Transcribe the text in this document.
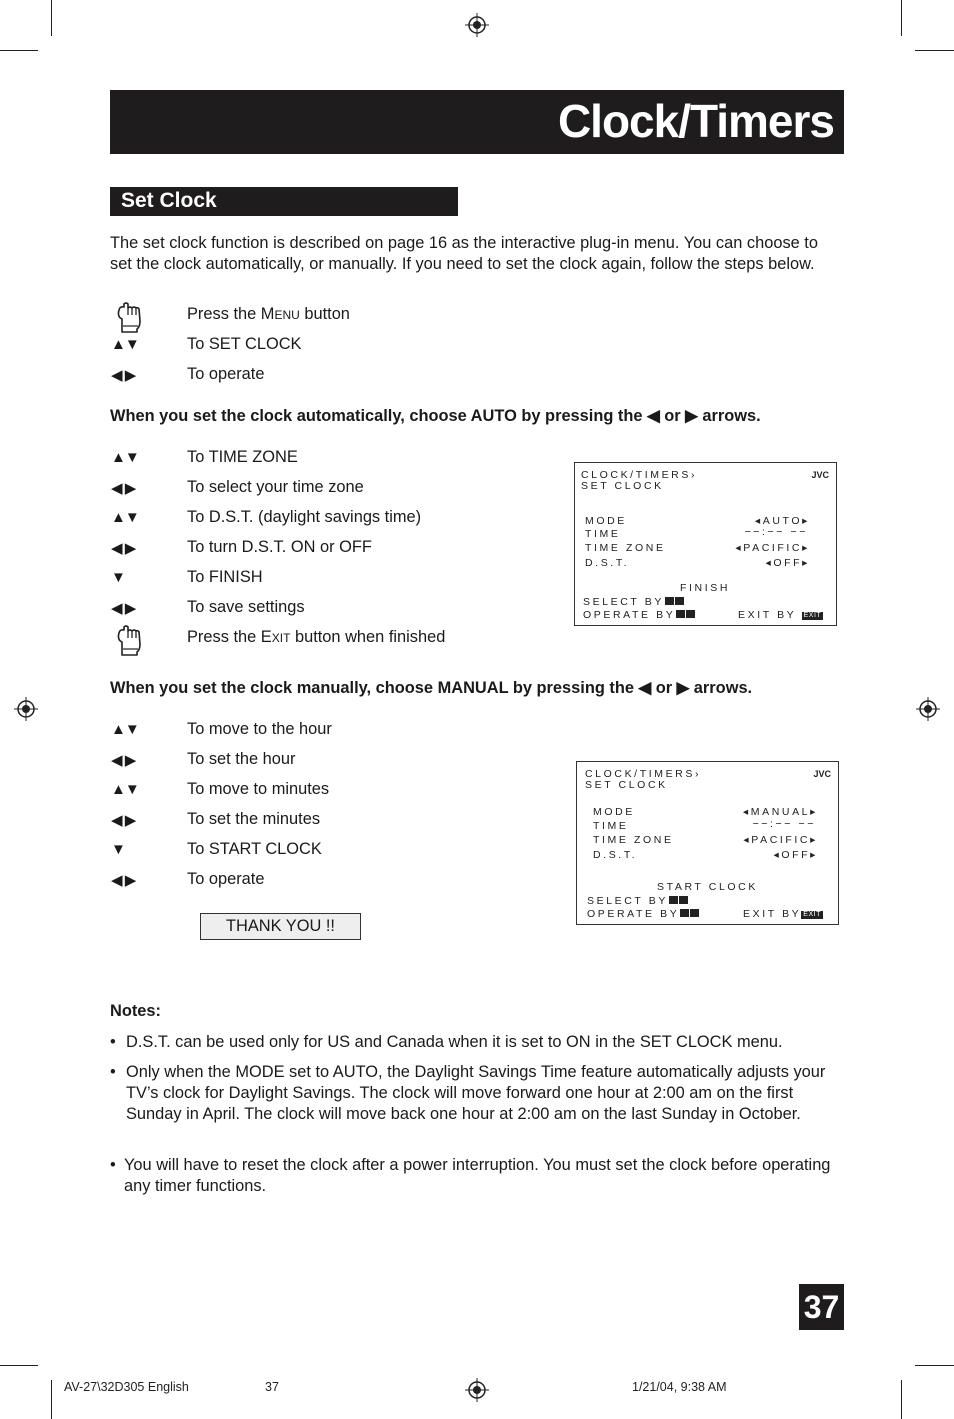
Clock/Timers
Set Clock
The set clock function is described on page 16 as the interactive plug-in menu. You can choose to set the clock automatically, or manually. If you need to set the clock again, follow the steps below.
Press the MENU button
▲▼	To SET CLOCK
◀ ▶	To operate
When you set the clock automatically, choose AUTO by pressing the ◀ or ▶ arrows.
▲▼	To TIME ZONE
◀ ▶	To select your time zone
▲▼	To D.S.T. (daylight savings time)
◀ ▶	To turn D.S.T. ON or OFF
▼	To FINISH
◀ ▶	To save settings
Press the EXIT button when finished
When you set the clock manually, choose MANUAL by pressing the ◀ or ▶ arrows.
▲▼	To move to the hour
◀ ▶	To set the hour
▲▼	To move to minutes
◀ ▶	To set the minutes
▼	To START CLOCK
◀ ▶	To operate
THANK YOU !!
CLOCK/TIMERS›
SET CLOCK
JVC
MODE	◂AUTO▸
TIME	−−:−− −−
TIME ZONE	◂PACIFIC▸
D.S.T.	◂OFF▸
FINISH
SELECT BY
OPERATE BY	EXIT BY EXIT
CLOCK/TIMERS›
SET CLOCK
JVC
MODE	◂MANUAL▸
TIME	−−:−− −−
TIME ZONE	◂PACIFIC▸
D.S.T.	◂OFF▸
START CLOCK
SELECT BY
OPERATE BY	EXIT BY EXIT
Notes:
• D.S.T. can be used only for US and Canada when it is set to ON in the SET CLOCK menu.
• Only when the MODE set to AUTO, the Daylight Savings Time feature automatically adjusts your TV’s clock for Daylight Savings. The clock will move forward one hour at 2:00 am on the first Sunday in April. The clock will move back one hour at 2:00 am on the last Sunday in October.
• You will have to reset the clock after a power interruption. You must set the clock before operating any timer functions.
37
AV-27\32D305 English	37	1/21/04, 9:38 AM
